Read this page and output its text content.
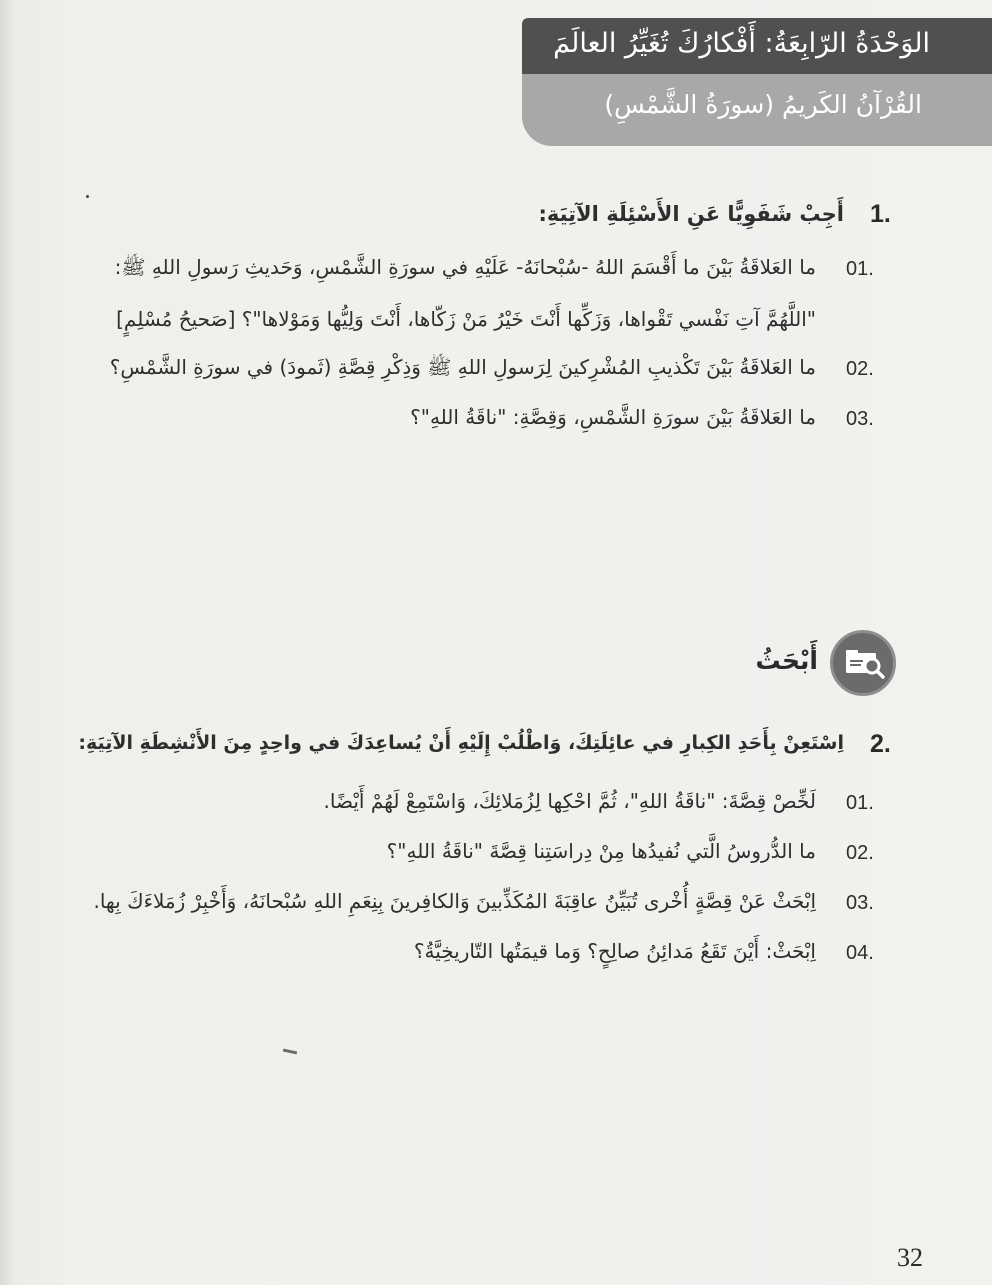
الوَحْدَةُ الرّابِعَةُ: أَفْكارُكَ تُغَيِّرُ العالَمَ
القُرْآنُ الكَريمُ (سورَةُ الشَّمْسِ)
1.
أَجِبْ شَفَوِيًّا عَنِ الأَسْئِلَةِ الآتِيَةِ:
01.
ما العَلاقَةُ بَيْنَ ما أَقْسَمَ اللهُ -سُبْحانَهُ- عَلَيْهِ في سورَةِ الشَّمْسِ، وَحَديثِ رَسولِ اللهِ ﷺ:
"اللَّهُمَّ آتِ نَفْسي تَقْواها، وَزَكِّها أَنْتَ خَيْرُ مَنْ زَكّاها، أَنْتَ وَلِيُّها وَمَوْلاها"؟ [صَحيحُ مُسْلِمٍ]
02.
ما العَلاقَةُ بَيْنَ تَكْذيبِ المُشْرِكينَ لِرَسولِ اللهِ ﷺ وَذِكْرِ قِصَّةِ (ثَمودَ) في سورَةِ الشَّمْسِ؟
03.
ما العَلاقَةُ بَيْنَ سورَةِ الشَّمْسِ، وَقِصَّةِ: "ناقَةُ اللهِ"؟
أَبْحَثُ
2.
اِسْتَعِنْ بِأَحَدِ الكِبارِ في عائِلَتِكَ، وَاطْلُبْ إِلَيْهِ أَنْ يُساعِدَكَ في واحِدٍ مِنَ الأَنْشِطَةِ الآتِيَةِ:
01.
لَخِّصْ قِصَّةَ: "ناقَةُ اللهِ"، ثُمَّ احْكِها لِزُمَلائِكَ، وَاسْتَمِعْ لَهُمْ أَيْضًا.
02.
ما الدُّروسُ الَّتي نُفيدُها مِنْ دِراسَتِنا قِصَّةَ "ناقَةُ اللهِ"؟
03.
اِبْحَثْ عَنْ قِصَّةٍ أُخْرى تُبَيِّنُ عاقِبَةَ المُكَذِّبينَ وَالكافِرينَ بِنِعَمِ اللهِ سُبْحانَهُ، وَأَخْبِرْ زُمَلاءَكَ بِها.
04.
اِبْحَثْ: أَيْنَ تَقَعُ مَدائِنُ صالِحٍ؟ وَما قيمَتُها التّاريخِيَّةُ؟
32
